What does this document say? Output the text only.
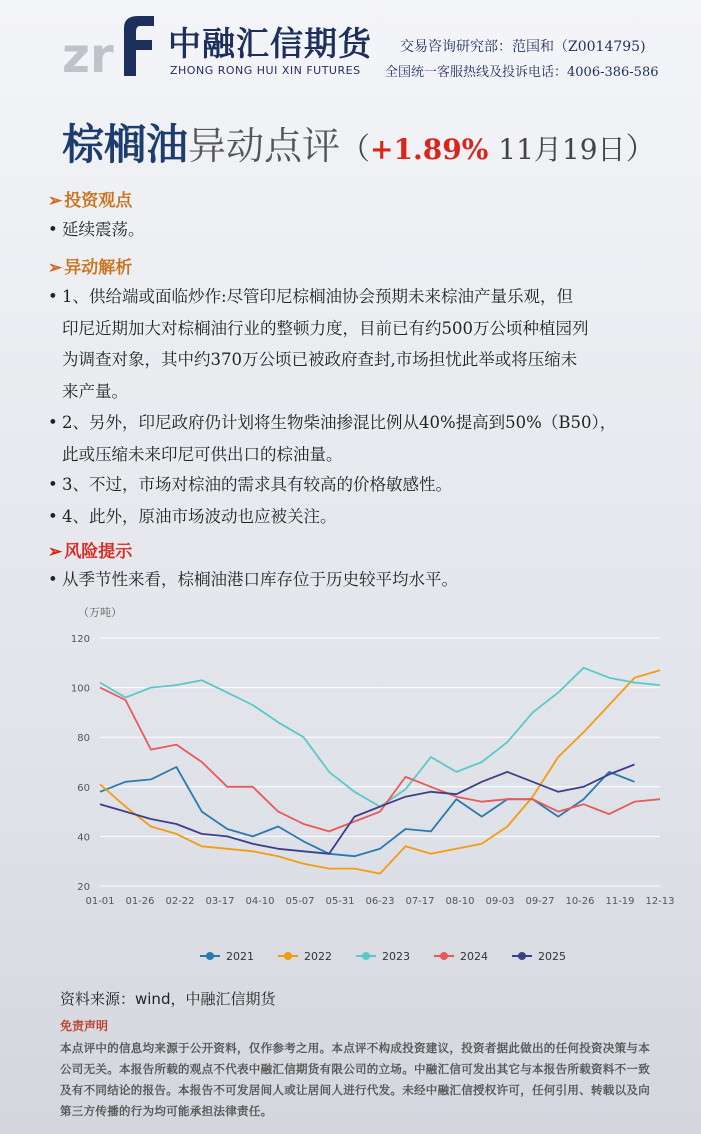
zr 中融汇信期货
ZHONG RONG HUI XIN FUTURES
交易咨询研究部：范国和（Z0014795)
全国统一客服热线及投诉电话：4006-386-586
棕榈油异动点评（+1.89% 11月19日）
➢ 投资观点
• 延续震荡。
➢ 异动解析
• 1、供给端或面临炒作:尽管印尼棕榈油协会预期未来棕油产量乐观，但
印尼近期加大对棕榈油行业的整顿力度，目前已有约500万公顷种植园列
为调查对象，其中约370万公顷已被政府查封,市场担忧此举或将压缩未
来产量。
• 2、另外，印尼政府仍计划将生物柴油掺混比例从40%提高到50%（B50），
此或压缩未来印尼可供出口的棕油量。
• 3、不过，市场对棕油的需求具有较高的价格敏感性。
• 4、此外，原油市场波动也应被关注。
➢ 风险提示
• 从季节性来看，棕榈油港口库存位于历史较平均水平。
（万吨）
20
40
60
80
100
120
01-01 01-26 02-22 03-17 04-10 05-07 05-31 06-23 07-17 08-10 09-03 09-27 10-26 11-19 12-13
2021	2022	2023	2024	2025
资料来源：wind，中融汇信期货
免责声明
本点评中的信息均来源于公开资料，仅作参考之用。本点评不构成投资建议，投资者据此做出的任何投资决策与本公司无关。本报告所载的观点不代表中融汇信期货有限公司的立场。中融汇信可发出其它与本报告所载资料不一致及有不同结论的报告。本报告不可发居间人或让居间人进行代发。未经中融汇信授权许可，任何引用、转载以及向第三方传播的行为均可能承担法律责任。
